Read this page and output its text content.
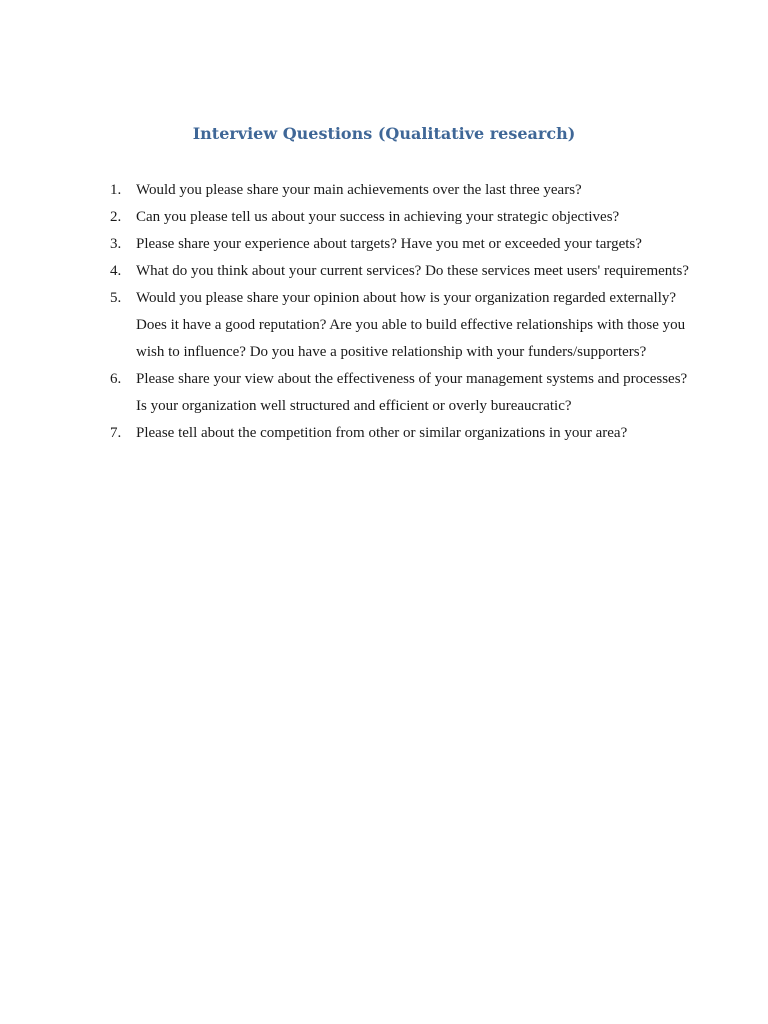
Interview Questions (Qualitative research)
1. Would you please share your main achievements over the last three years?
2. Can you please tell us about your success in achieving your strategic objectives?
3. Please share your experience about targets? Have you met or exceeded your targets?
4. What do you think about your current services? Do these services meet users' requirements?
5. Would you please share your opinion about how is your organization regarded externally? Does it have a good reputation? Are you able to build effective relationships with those you wish to influence? Do you have a positive relationship with your funders/supporters?
6. Please share your view about the effectiveness of your management systems and processes? Is your organization well structured and efficient or overly bureaucratic?
7. Please tell about the competition from other or similar organizations in your area?
